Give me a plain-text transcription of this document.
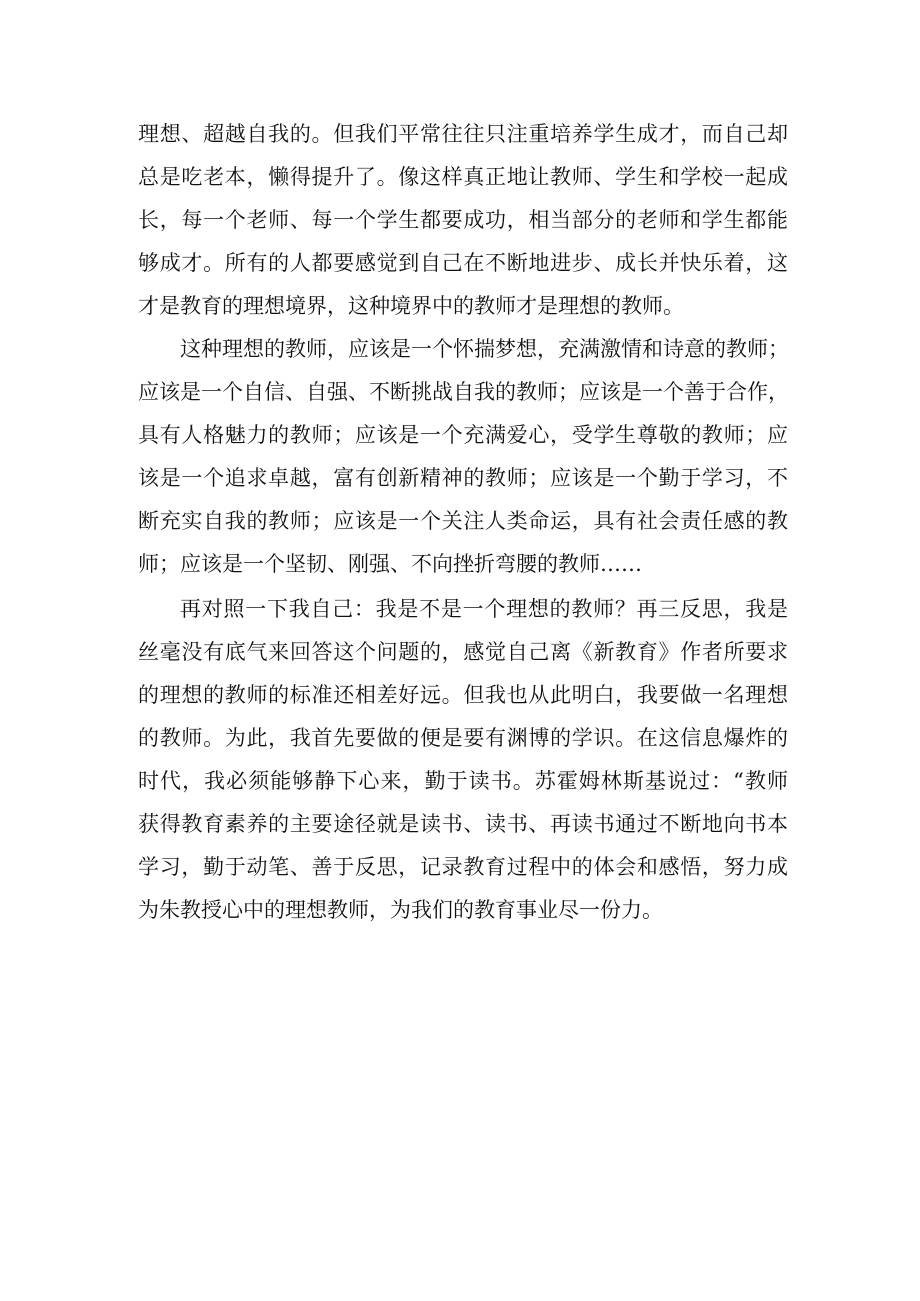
理想、超越自我的。但我们平常往往只注重培养学生成才，而自己却
总是吃老本，懒得提升了。像这样真正地让教师、学生和学校一起成
长，每一个老师、每一个学生都要成功，相当部分的老师和学生都能
够成才。所有的人都要感觉到自己在不断地进步、成长并快乐着，这
才是教育的理想境界，这种境界中的教师才是理想的教师。
这种理想的教师，应该是一个怀揣梦想，充满激情和诗意的教师；
应该是一个自信、自强、不断挑战自我的教师；应该是一个善于合作，
具有人格魅力的教师；应该是一个充满爱心，受学生尊敬的教师；应
该是一个追求卓越，富有创新精神的教师；应该是一个勤于学习，不
断充实自我的教师；应该是一个关注人类命运，具有社会责任感的教
师；应该是一个坚韧、刚强、不向挫折弯腰的教师……
再对照一下我自己：我是不是一个理想的教师？再三反思，我是
丝毫没有底气来回答这个问题的，感觉自己离《新教育》作者所要求
的理想的教师的标准还相差好远。但我也从此明白，我要做一名理想
的教师。为此，我首先要做的便是要有渊博的学识。在这信息爆炸的
时代，我必须能够静下心来，勤于读书。苏霍姆林斯基说过：“教师
获得教育素养的主要途径就是读书、读书、再读书通过不断地向书本
学习，勤于动笔、善于反思，记录教育过程中的体会和感悟，努力成
为朱教授心中的理想教师，为我们的教育事业尽一份力。
